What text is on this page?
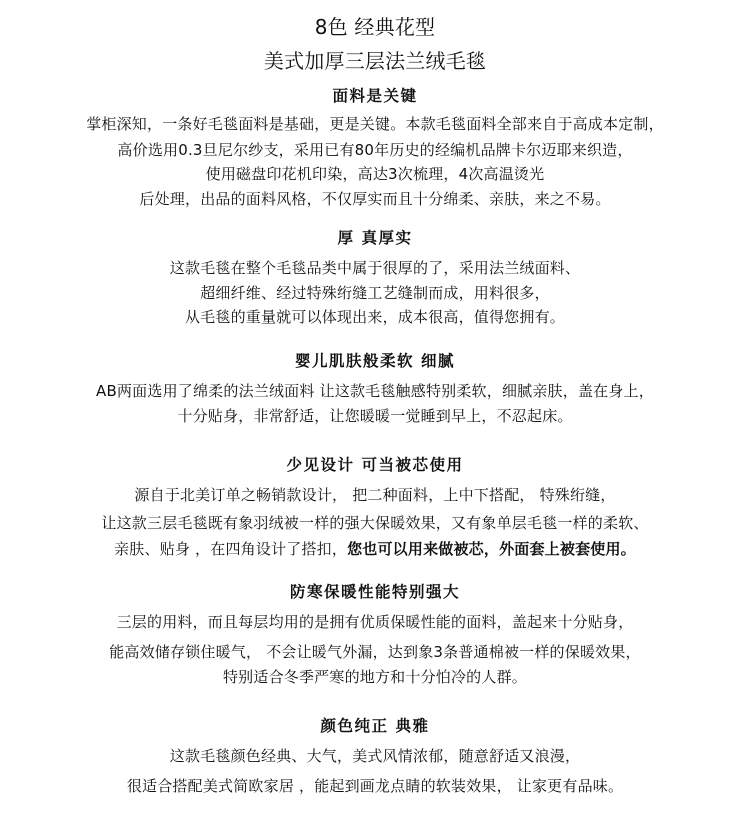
8色 经典花型
美式加厚三层法兰绒毛毯
面料是关键
掌柜深知，一条好毛毯面料是基础，更是关键。本款毛毯面料全部来自于高成本定制，
高价选用0.3旦尼尔纱支，采用已有80年历史的经编机品牌卡尔迈耶来织造，
使用磁盘印花机印染，高达3次梳理，4次高温烫光
后处理，出品的面料风格，不仅厚实而且十分绵柔、亲肤，来之不易。
厚 真厚实
这款毛毯在整个毛毯品类中属于很厚的了，采用法兰绒面料、
超细纤维、经过特殊绗缝工艺缝制而成，用料很多，
从毛毯的重量就可以体现出来，成本很高，值得您拥有。
婴儿肌肤般柔软 细腻
AB两面选用了绵柔的法兰绒面料 让这款毛毯触感特别柔软，细腻亲肤，盖在身上，
十分贴身，非常舒适，让您暖暖一觉睡到早上，不忍起床。
少见设计 可当被芯使用
源自于北美订单之畅销款设计， 把二种面料，上中下搭配， 特殊绗缝，
让这款三层毛毯既有象羽绒被一样的强大保暖效果，又有象单层毛毯一样的柔软、
亲肤、贴身 ，在四角设计了搭扣，您也可以用来做被芯，外面套上被套使用。
防寒保暖性能特别强大
三层的用料，而且每层均用的是拥有优质保暖性能的面料，盖起来十分贴身，
能高效储存锁住暖气， 不会让暖气外漏，达到象3条普通棉被一样的保暖效果，
特别适合冬季严寒的地方和十分怕冷的人群。
颜色纯正 典雅
这款毛毯颜色经典、大气，美式风情浓郁，随意舒适又浪漫，
很适合搭配美式简欧家居 ，能起到画龙点睛的软装效果， 让家更有品味。
